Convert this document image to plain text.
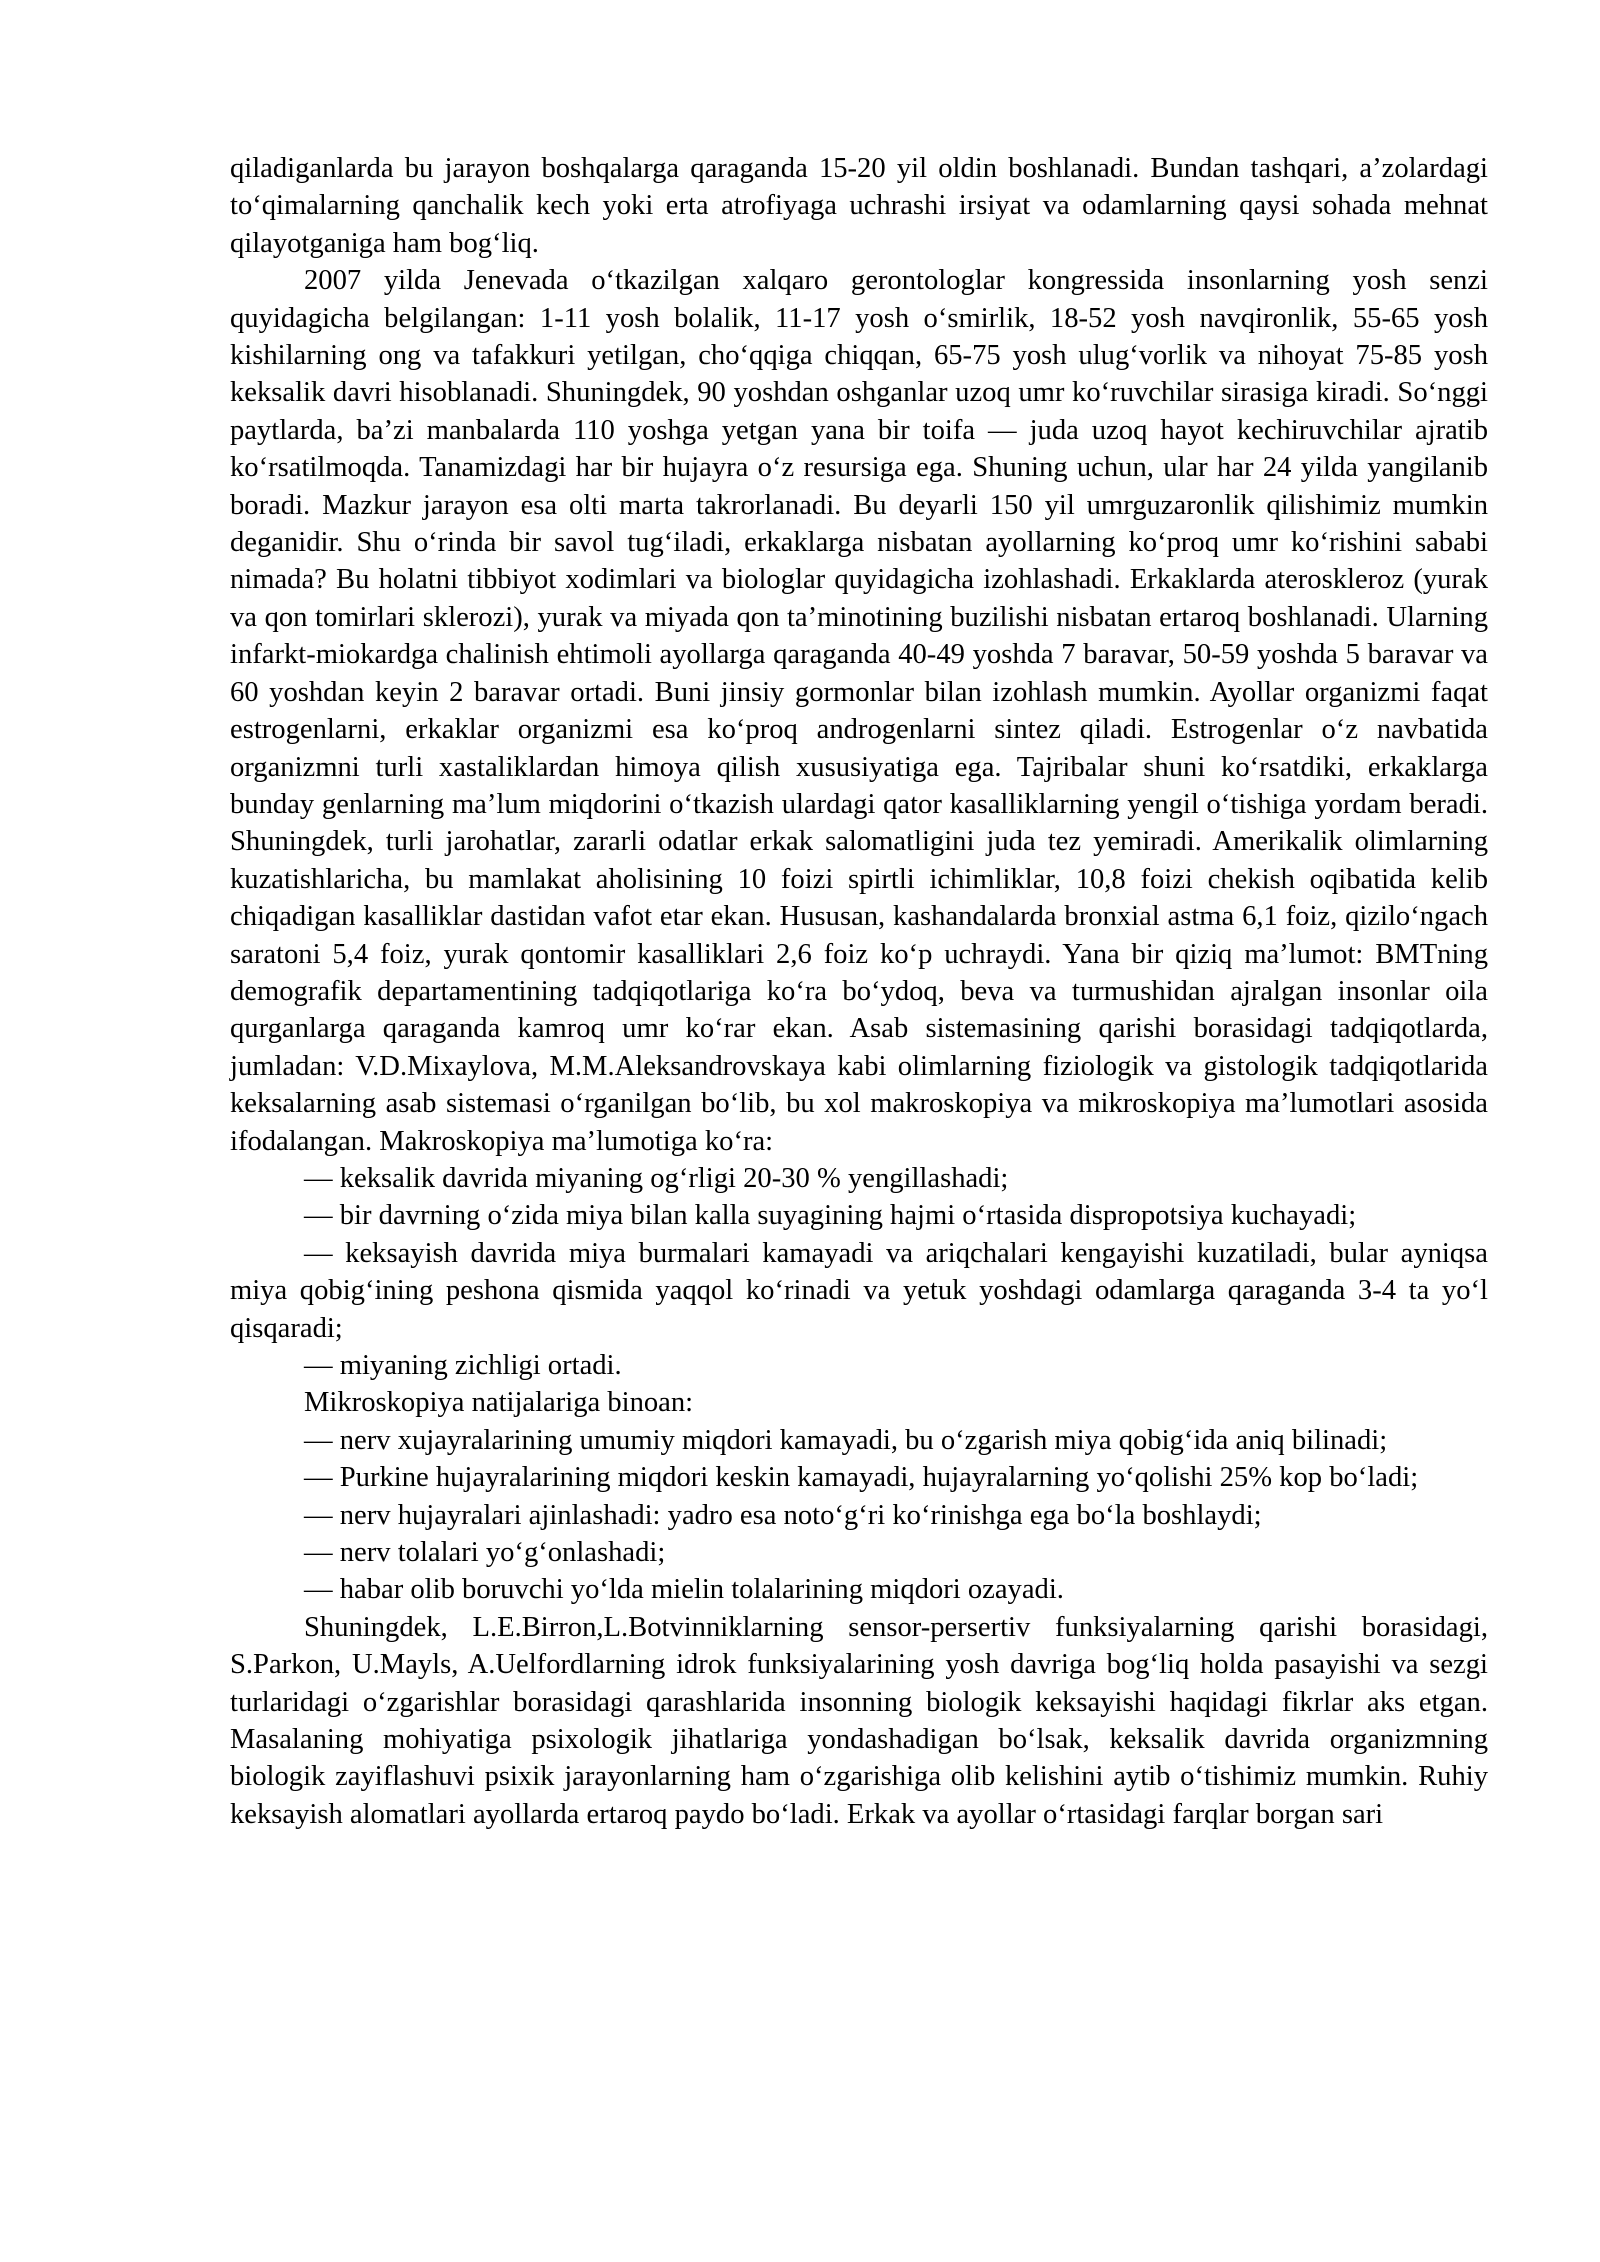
qiladiganlarda bu jarayon boshqalarga qaraganda 15-20 yil oldin boshlanadi. Bundan tashqari, a’zolardagi to‘qimalarning qanchalik kech yoki erta atrofiyaga uchrashi irsiyat va odamlarning qaysi sohada mehnat qilayotganiga ham bog‘liq.

2007 yilda Jenevada o‘tkazilgan xalqaro gerontologlar kongressida insonlarning yosh senzi quyidagicha belgilangan: 1-11 yosh bolalik, 11-17 yosh o‘smirlik, 18-52 yosh navqironlik, 55-65 yosh kishilarning ong va tafakkuri yetilgan, cho‘qqiga chiqqan, 65-75 yosh ulug‘vorlik va nihoyat 75-85 yosh keksalik davri hisoblanadi. Shuningdek, 90 yoshdan oshganlar uzoq umr ko‘ruvchilar sirasiga kiradi. So‘nggi paytlarda, ba’zi manbalarda 110 yoshga yetgan yana bir toifa — juda uzoq hayot kechiruvchilar ajratib ko‘rsatilmoqda. Tanamizdagi har bir hujayra o‘z resursiga ega. Shuning uchun, ular har 24 yilda yangilanib boradi. Mazkur jarayon esa olti marta takrorlanadi. Bu deyarli 150 yil umrguzaronlik qilishimiz mumkin deganidir. Shu o‘rinda bir savol tug‘iladi, erkaklarga nisbatan ayollarning ko‘proq umr ko‘rishini sababi nimada? Bu holatni tibbiyot xodimlari va biologlar quyidagicha izohlashadi. Erkaklarda ateroskleroz (yurak va qon tomirlari sklerozi), yurak va miyada qon ta’minotining buzilishi nisbatan ertaroq boshlanadi. Ularning infarkt-miokardga chalinish ehtimoli ayollarga qaraganda 40-49 yoshda 7 baravar, 50-59 yoshda 5 baravar va 60 yoshdan keyin 2 baravar ortadi. Buni jinsiy gormonlar bilan izohlash mumkin. Ayollar organizmi faqat estrogenlarni, erkaklar organizmi esa ko‘proq androgenlarni sintez qiladi. Estrogenlar o‘z navbatida organizmni turli xastaliklardan himoya qilish xususiyatiga ega. Tajribalar shuni ko‘rsatdiki, erkaklarga bunday genlarning ma’lum miqdorini o‘tkazish ulardagi qator kasalliklarning yengil o‘tishiga yordam beradi. Shuningdek, turli jarohatlar, zararli odatlar erkak salomatligini juda tez yemiradi. Amerikalik olimlarning kuzatishlaricha, bu mamlakat aholisining 10 foizi spirtli ichimliklar, 10,8 foizi chekish oqibatida kelib chiqadigan kasalliklar dastidan vafot etar ekan. Hususan, kashandalarda bronxial astma 6,1 foiz, qizilo‘ngach saratoni 5,4 foiz, yurak qontomir kasalliklari 2,6 foiz ko‘p uchraydi. Yana bir qiziq ma’lumot: BMTning demografik departamentining tadqiqotlariga ko‘ra bo‘ydoq, beva va turmushidan ajralgan insonlar oila qurganlarga qaraganda kamroq umr ko‘rar ekan. Asab sistemasining qarishi borasidagi tadqiqotlarda, jumladan: V.D.Mixaylova, M.M.Aleksandrovskaya kabi olimlarning fiziologik va gistologik tadqiqotlarida keksalarning asab sistemasi o‘rganilgan bo‘lib, bu xol makroskopiya va mikroskopiya ma’lumotlari asosida ifodalangan. Makroskopiya ma’lumotiga ko‘ra:

— keksalik davrida miyaning og‘rligi 20-30 % yengillashadi;

— bir davrning o‘zida miya bilan kalla suyagining hajmi o‘rtasida dispropotsiya kuchayadi;

— keksayish davrida miya burmalari kamayadi va ariqchalari kengayishi kuzatiladi, bular ayniqsa miya qobig‘ining peshona qismida yaqqol ko‘rinadi va yetuk yoshdagi odamlarga qaraganda 3-4 ta yo‘l qisqaradi;

— miyaning zichligi ortadi.

Mikroskopiya natijalariga binoan:

— nerv xujayralarining umumiy miqdori kamayadi, bu o‘zgarish miya qobig‘ida aniq bilinadi;

— Purkine hujayralarining miqdori keskin kamayadi, hujayralarning yo‘qolishi 25% kop bo‘ladi;

— nerv hujayralari ajinlashadi: yadro esa noto‘g‘ri ko‘rinishga ega bo‘la boshlaydi;

— nerv tolalari yo‘g‘onlashadi;

— habar olib boruvchi yo‘lda mielin tolalarining miqdori ozayadi.

Shuningdek, L.E.Birron,L.Botvinniklarning sensor-persertiv funksiyalarning qarishi borasidagi, S.Parkon, U.Mayls, A.Uelfordlarning idrok funksiyalarining yosh davriga bog‘liq holda pasayishi va sezgi turlaridagi o‘zgarishlar borasidagi qarashlarida insonning biologik keksayishi haqidagi fikrlar aks etgan. Masalaning mohiyatiga psixologik jihatlariga yondashadigan bo‘lsak, keksalik davrida organizmning biologik zayiflashuvi psixik jarayonlarning ham o‘zgarishiga olib kelishini aytib o‘tishimiz mumkin. Ruhiy keksayish alomatlari ayollarda ertaroq paydo bo‘ladi. Erkak va ayollar o‘rtasidagi farqlar borgan sari
